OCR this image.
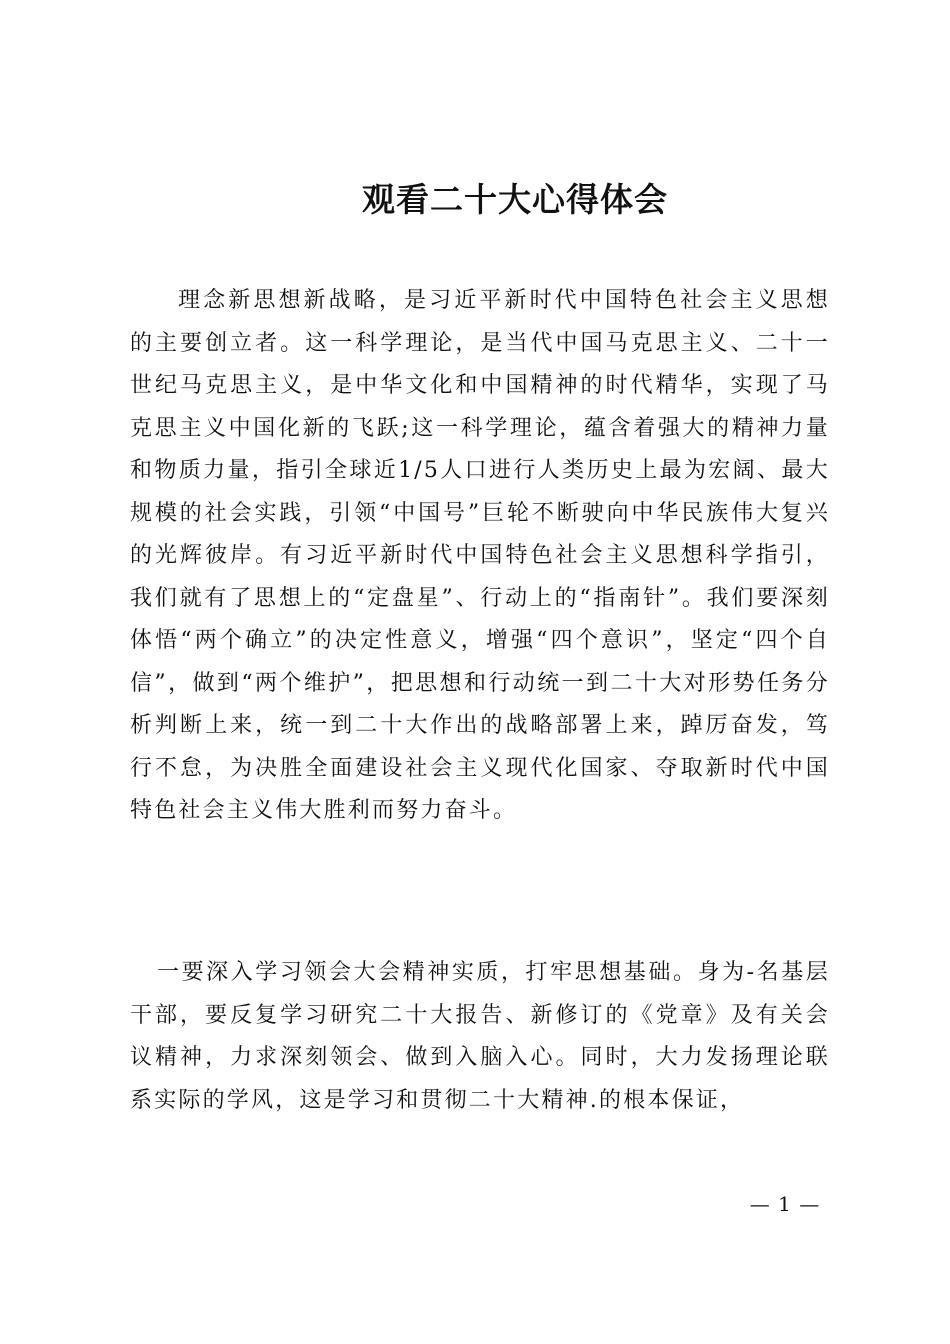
观看二十大心得体会

理念新思想新战略，是习近平新时代中国特色社会主义思想的主要创立者。这一科学理论，是当代中国马克思主义、二十一世纪马克思主义，是中华文化和中国精神的时代精华，实现了马克思主义中国化新的飞跃;这一科学理论，蕴含着强大的精神力量和物质力量，指引全球近1/5人口进行人类历史上最为宏阔、最大规模的社会实践，引领“中国号”巨轮不断驶向中华民族伟大复兴的光辉彼岸。有习近平新时代中国特色社会主义思想科学指引，我们就有了思想上的“定盘星”、行动上的“指南针”。我们要深刻体悟“两个确立”的决定性意义，增强“四个意识”，坚定“四个自信”，做到“两个维护”，把思想和行动统一到二十大对形势任务分析判断上来，统一到二十大作出的战略部署上来，踔厉奋发，笃行不怠，为决胜全面建设社会主义现代化国家、夺取新时代中国特色社会主义伟大胜利而努力奋斗。

一要深入学习领会大会精神实质，打牢思想基础。身为-名基层干部，要反复学习研究二十大报告、新修订的《党章》及有关会议精神，力求深刻领会、做到入脑入心。同时，大力发扬理论联系实际的学风，这是学习和贯彻二十大精神.的根本保证，

— 1 —
